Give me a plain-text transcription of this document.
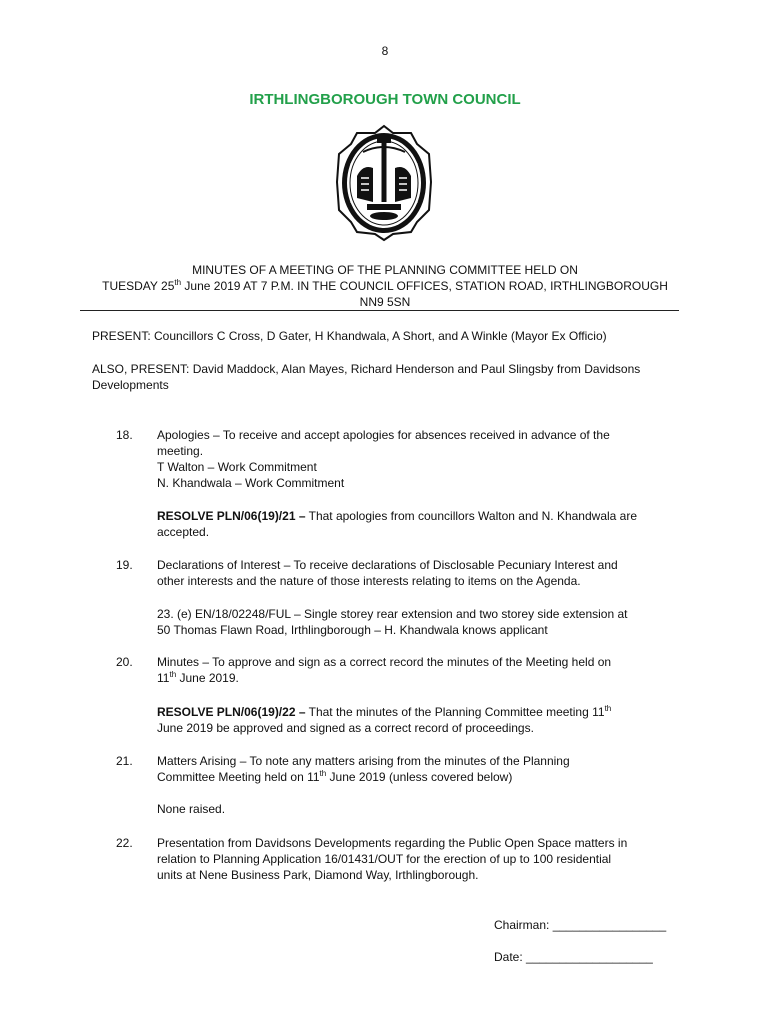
8
IRTHLINGBOROUGH TOWN COUNCIL
MINUTES OF A MEETING OF THE PLANNING COMMITTEE HELD ON
TUESDAY 25th June 2019 AT 7 P.M. IN THE COUNCIL OFFICES, STATION ROAD, IRTHLINGBOROUGH
NN9 5SN
PRESENT: Councillors C Cross, D Gater, H Khandwala, A Short, and A Winkle (Mayor Ex Officio)
ALSO, PRESENT: David Maddock, Alan Mayes, Richard Henderson and Paul Slingsby from Davidsons
Developments
18. Apologies – To receive and accept apologies for absences received in advance of the
meeting.
T Walton – Work Commitment
N. Khandwala – Work Commitment
RESOLVE PLN/06(19)/21 – That apologies from councillors Walton and N. Khandwala are
accepted.
19. Declarations of Interest – To receive declarations of Disclosable Pecuniary Interest and
other interests and the nature of those interests relating to items on the Agenda.
23. (e) EN/18/02248/FUL – Single storey rear extension and two storey side extension at
50 Thomas Flawn Road, Irthlingborough – H. Khandwala knows applicant
20. Minutes – To approve and sign as a correct record the minutes of the Meeting held on
11th June 2019.
RESOLVE PLN/06(19)/22 – That the minutes of the Planning Committee meeting 11th
June 2019 be approved and signed as a correct record of proceedings.
21. Matters Arising – To note any matters arising from the minutes of the Planning
Committee Meeting held on 11th June 2019 (unless covered below)
None raised.
22. Presentation from Davidsons Developments regarding the Public Open Space matters in
relation to Planning Application 16/01431/OUT for the erection of up to 100 residential
units at Nene Business Park, Diamond Way, Irthlingborough.
Chairman: _________________
Date: ___________________
